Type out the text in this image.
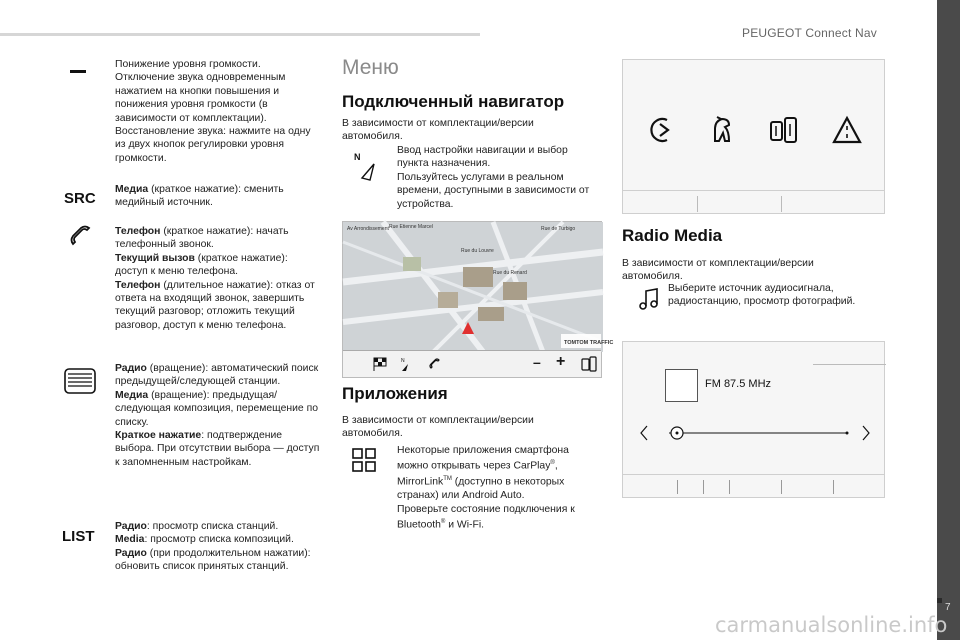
PEUGEOT Connect Nav
7
Понижение уровня громкости.
Отключение звука одновременным нажатием на кнопки повышения и понижения уровня громкости (в зависимости от комплектации).
Восстановление звука: нажмите на одну из двух кнопок регулировки уровня громкости.
SRC
Медиа (краткое нажатие): сменить медийный источник.
Телефон (краткое нажатие): начать телефонный звонок.
Текущий вызов (краткое нажатие): доступ к меню телефона.
Телефон (длительное нажатие): отказ от ответа на входящий звонок, завершить текущий разговор; отложить текущий разговор, доступ к меню телефона.
Радио (вращение): автоматический поиск предыдущей/следующей станции.
Медиа (вращение): предыдущая/следующая композиция, перемещение по списку.
Краткое нажатие: подтверждение выбора. При отсутствии выбора — доступ к запомненным настройкам.
LIST
Радио: просмотр списка станций.
Media: просмотр списка композиций.
Радио (при продолжительном нажатии): обновить список принятых станций.
Меню
Подключенный навигатор
В зависимости от комплектации/версии автомобиля.
N
Ввод настройки навигации и выбор пункта назначения.
Пользуйтесь услугами в реальном времени, доступными в зависимости от устройства.
Av Arrondissement Rue Etienne Marcel	Rue de Turbigo
Rue du Louvre
Rue du Renard
TOMTOM TRAFFIC
N	– +
Приложения
В зависимости от комплектации/версии автомобиля.
Некоторые приложения смартфона можно открывать через CarPlay®, MirrorLink™ (доступно в некоторых странах) или Android Auto.
Проверьте состояние подключения к Bluetooth® и Wi-Fi.
Radio Media
В зависимости от комплектации/версии автомобиля.
Выберите источник аудиосигнала, радиостанцию, просмотр фотографий.
FM 87.5 MHz
carmanualsonline.info
